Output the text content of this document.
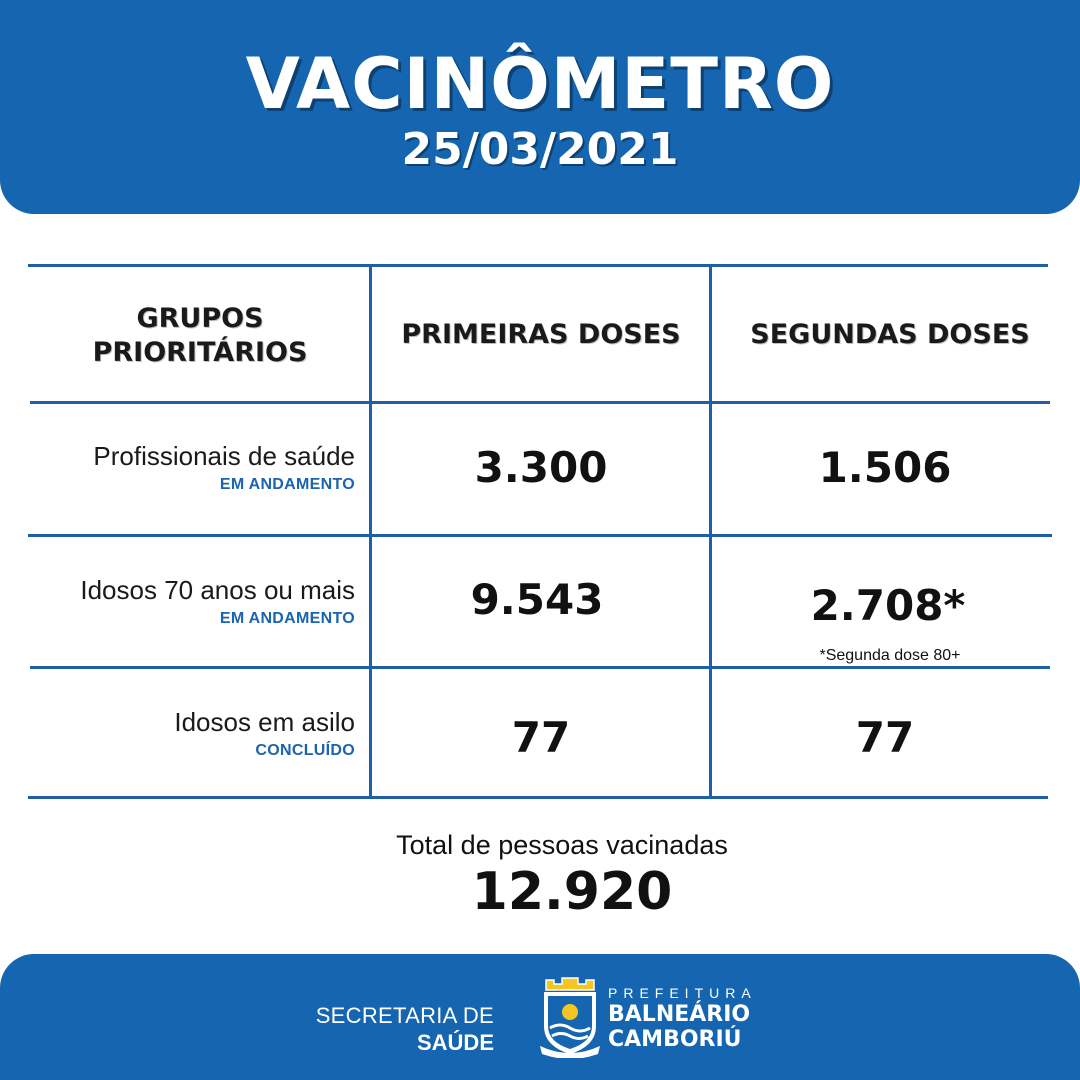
VACINÔMETRO
25/03/2021
GRUPOS
PRIORITÁRIOS
PRIMEIRAS DOSES	SEGUNDAS DOSES
Profissionais de saúde
EM ANDAMENTO	3.300	1.506
Idosos 70 anos ou mais
EM ANDAMENTO	9.543	2.708*
*Segunda dose 80+
Idosos em asilo
CONCLUÍDO	77	77
Total de pessoas vacinadas
12.920
SECRETARIA DE
SAÚDE
PREFEITURA
BALNEÁRIO
CAMBORIÚ
